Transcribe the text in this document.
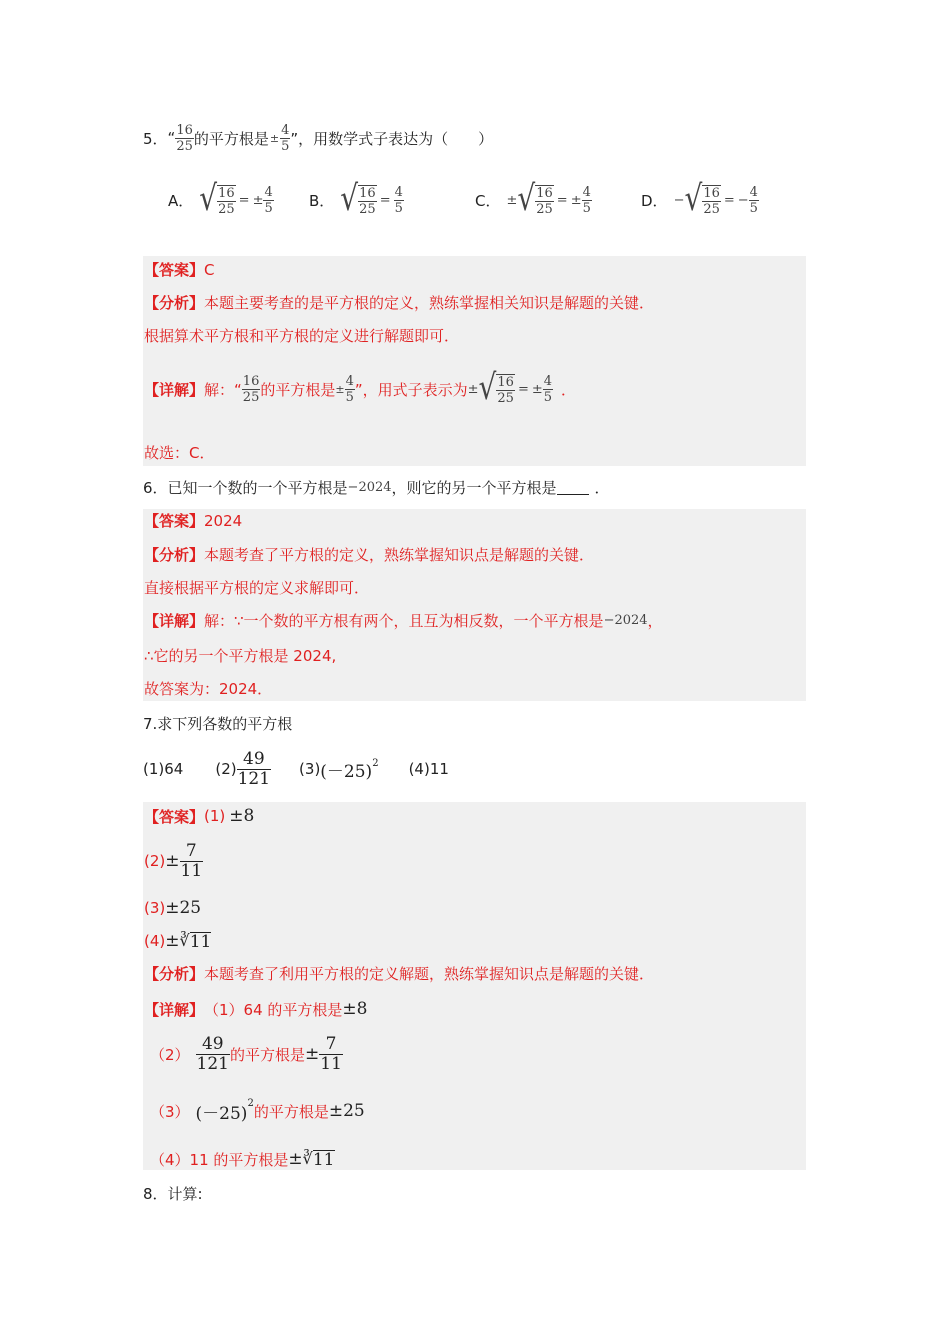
5． “ $\frac{16}{25}$ 的平方根是 ± $\frac{4}{5}$ ”，用数学式子表达为（　　）
A． √ $\frac{16}{25}$ = ± $\frac{4}{5}$ B． √ $\frac{16}{25} = \frac{4}{5}$	C． ± √ $\frac{16}{25}$ = ± $\frac{4}{5}$	D． − √ $\frac{16}{25}$ = − $\frac{4}{5}$
【答案】C
【分析】本题主要考查的是平方根的定义，熟练掌握相关知识是解题的关键．
根据算术平方根和平方根的定义进行解题即可．
【详解】 解：“ $\frac{16}{25}$ 的平方根是 ± $\frac{4}{5}$ ”，用式子表示为 ± √ $\frac{16}{25}$ = ± $\frac{4}{5}$ ．
故选：C．
6．已知一个数的一个平方根是 −2024 ，则它的另一个平方根是	．
【答案】2024
【分析】本题考查了平方根的定义，熟练掌握知识点是解题的关键．
直接根据平方根的定义求解即可．
【详解】 解：∵一个数的平方根有两个，且互为相反数，一个平方根是 −2024 ，
∴它的另一个平方根是 2024,
故答案为：2024．
7.求下列各数的平方根
(1)64 $(2) \frac{49}{121} (3)$ $(-25)^2$ (4)11
【答案】 (1) ±8
$(2) \pm \frac{7}{11}$
(3) ±25
(4) ± ∛ 11
【分析】本题考查了利用平方根的定义解题，熟练掌握知识点是解题的关键．
【详解】 （1）64 的平方根是 ±8
$(2) \frac{49}{121}$ 的平方根是 ± $\frac{7}{11}$
（3） $(-25)^2$ 的平方根是 ±25
（4）11 的平方根是 ± ∛ 11
8．计算:
